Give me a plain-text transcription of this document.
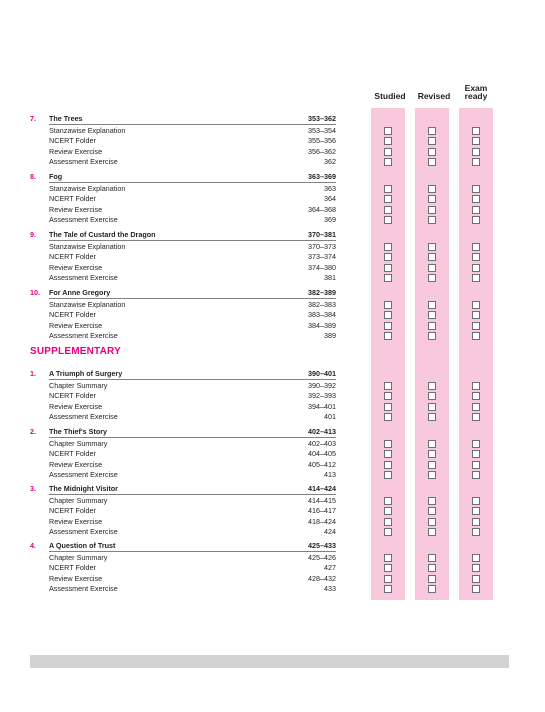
Studied	Revised
Exam
ready
7. The Trees	353–362
Stanzawise Explanation	353–354
NCERT Folder	355–356
Review Exercise	356–362
Assessment Exercise	362
8. Fog	363–369
Stanzawise Explanation	363
NCERT Folder	364
Review Exercise	364–368
Assessment Exercise	369
9. The Tale of Custard the Dragon	370–381
Stanzawise Explanation	370–373
NCERT Folder	373–374
Review Exercise	374–380
Assessment Exercise	381
10. For Anne Gregory	382–389
Stanzawise Explanation	382–383
NCERT Folder	383–384
Review Exercise	384–389
Assessment Exercise	389
SUPPLEMENTARY
1. A Triumph of Surgery	390–401
Chapter Summary	390–392
NCERT Folder	392–393
Review Exercise	394–401
Assessment Exercise	401
2. The Thief's Story	402–413
Chapter Summary	402–403
NCERT Folder	404–405
Review Exercise	405–412
Assessment Exercise	413
3. The Midnight Visitor	414–424
Chapter Summary	414–415
NCERT Folder	416–417
Review Exercise	418–424
Assessment Exercise	424
4. A Question of Trust	425–433
Chapter Summary	425–426
NCERT Folder	427
Review Exercise	428–432
Assessment Exercise	433
